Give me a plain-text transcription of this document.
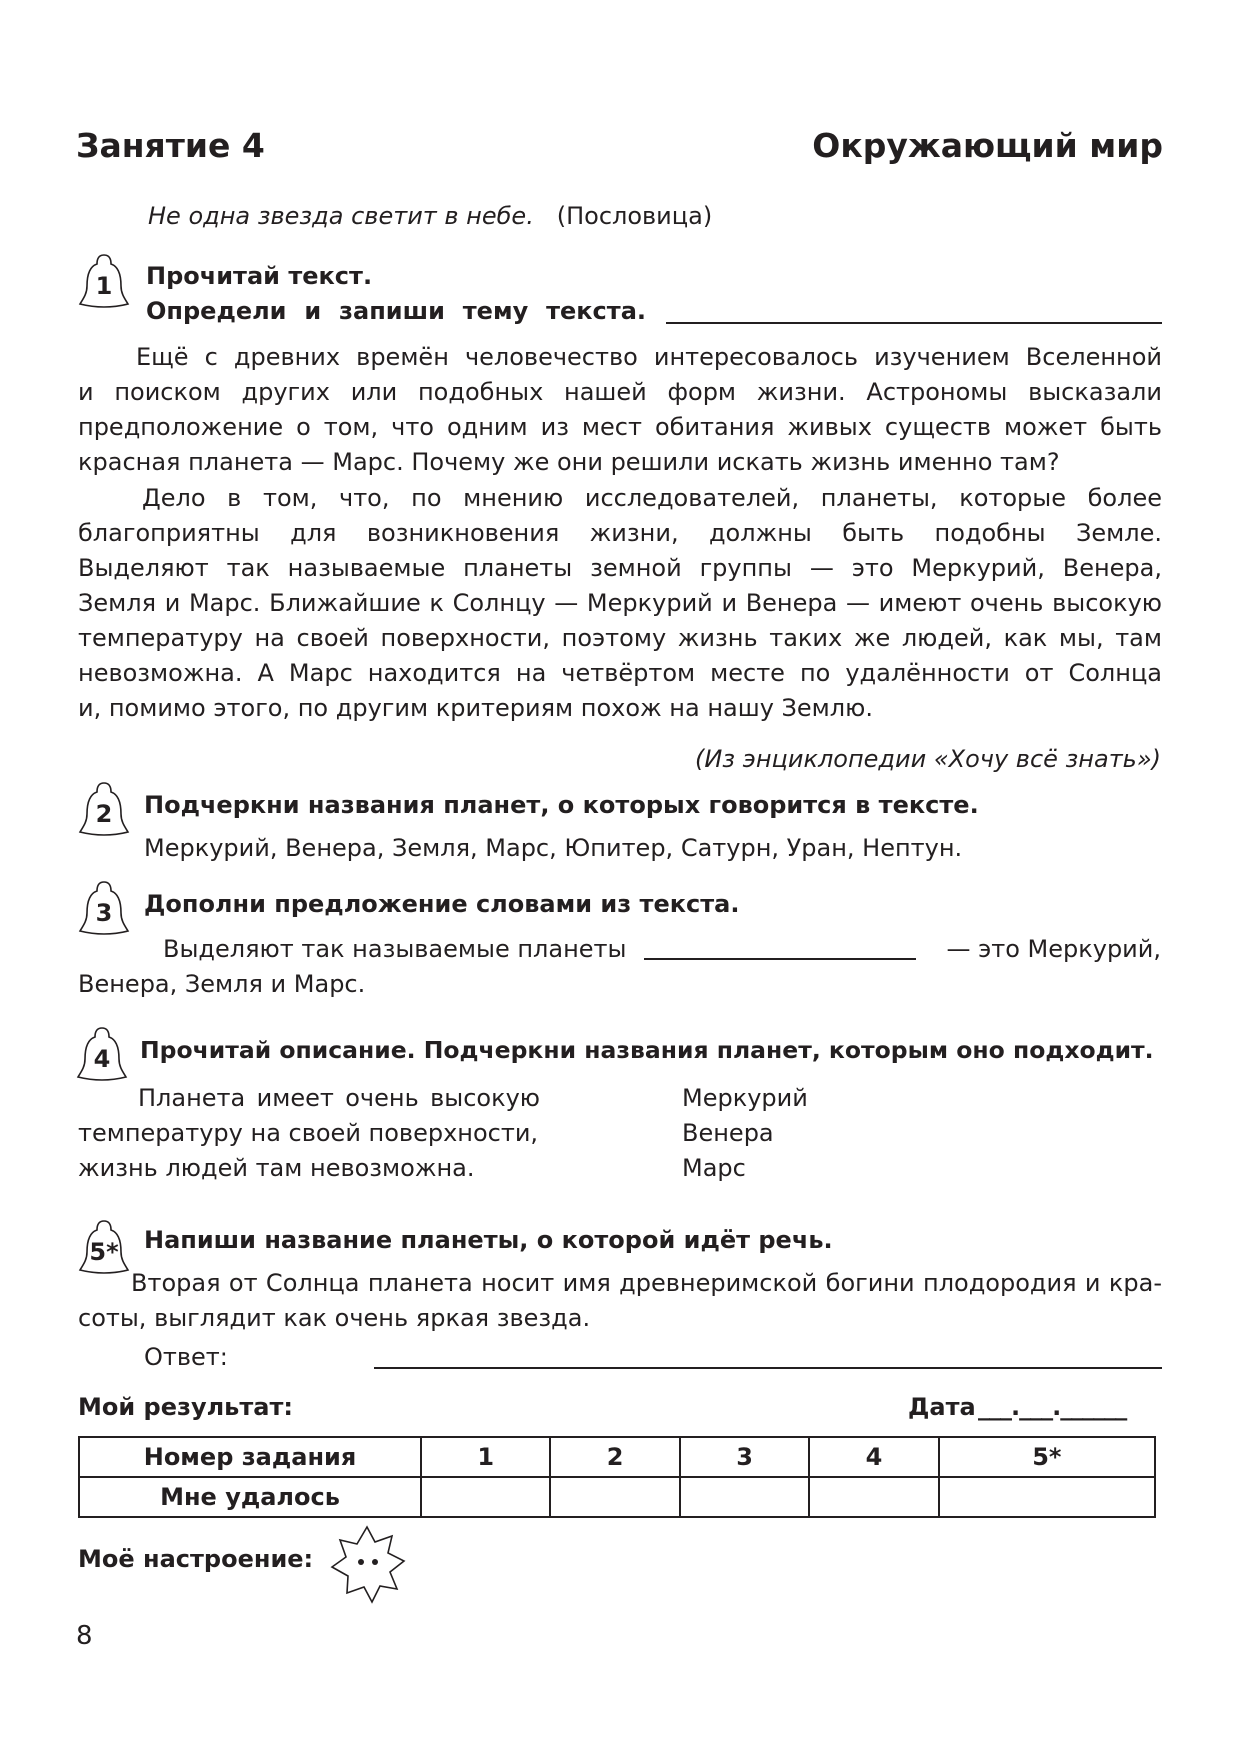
Занятие 4	Окружающий мир
Не одна звезда светит в небе. (Пословица)
1	Прочитай текст.
Определи и запиши тему текста.
Ещё с древних времён человечество интересовалось изучением Вселенной
и поиском других или подобных нашей форм жизни. Астрономы высказали
предположение о том, что одним из мест обитания живых существ может быть
красная планета — Марс. Почему же они решили искать жизнь именно там?
Дело в том, что, по мнению исследователей, планеты, которые более
благоприятны для возникновения жизни, должны быть подобны Земле.
Выделяют так называемые планеты земной группы — это Меркурий, Венера,
Земля и Марс. Ближайшие к Солнцу — Меркурий и Венера — имеют очень высокую
температуру на своей поверхности, поэтому жизнь таких же людей, как мы, там
невозможна. А Марс находится на четвёртом месте по удалённости от Солнца
и, помимо этого, по другим критериям похож на нашу Землю.
(Из энциклопедии «Хочу всё знать»)
2	Подчеркни названия планет, о которых говорится в тексте.
Меркурий, Венера, Земля, Марс, Юпитер, Сатурн, Уран, Нептун.
3	Дополни предложение словами из текста.
Выделяют так называемые планеты	— это Меркурий,
Венера, Земля и Марс.
4	Прочитай описание. Подчеркни названия планет, которым оно подходит.
Планета имеет очень высокую
температуру на своей поверхности,
жизнь людей там невозможна.
Меркурий
Венера
Марс
5*	Напиши название планеты, о которой идёт речь.
Вторая от Солнца планета носит имя древнеримской богини плодородия и кра-
соты, выглядит как очень яркая звезда.
Ответ:
Мой результат:	Дата ___.___.______
Номер задания	1	2	3	4	5*
Мне удалось					
Моё настроение:
8
